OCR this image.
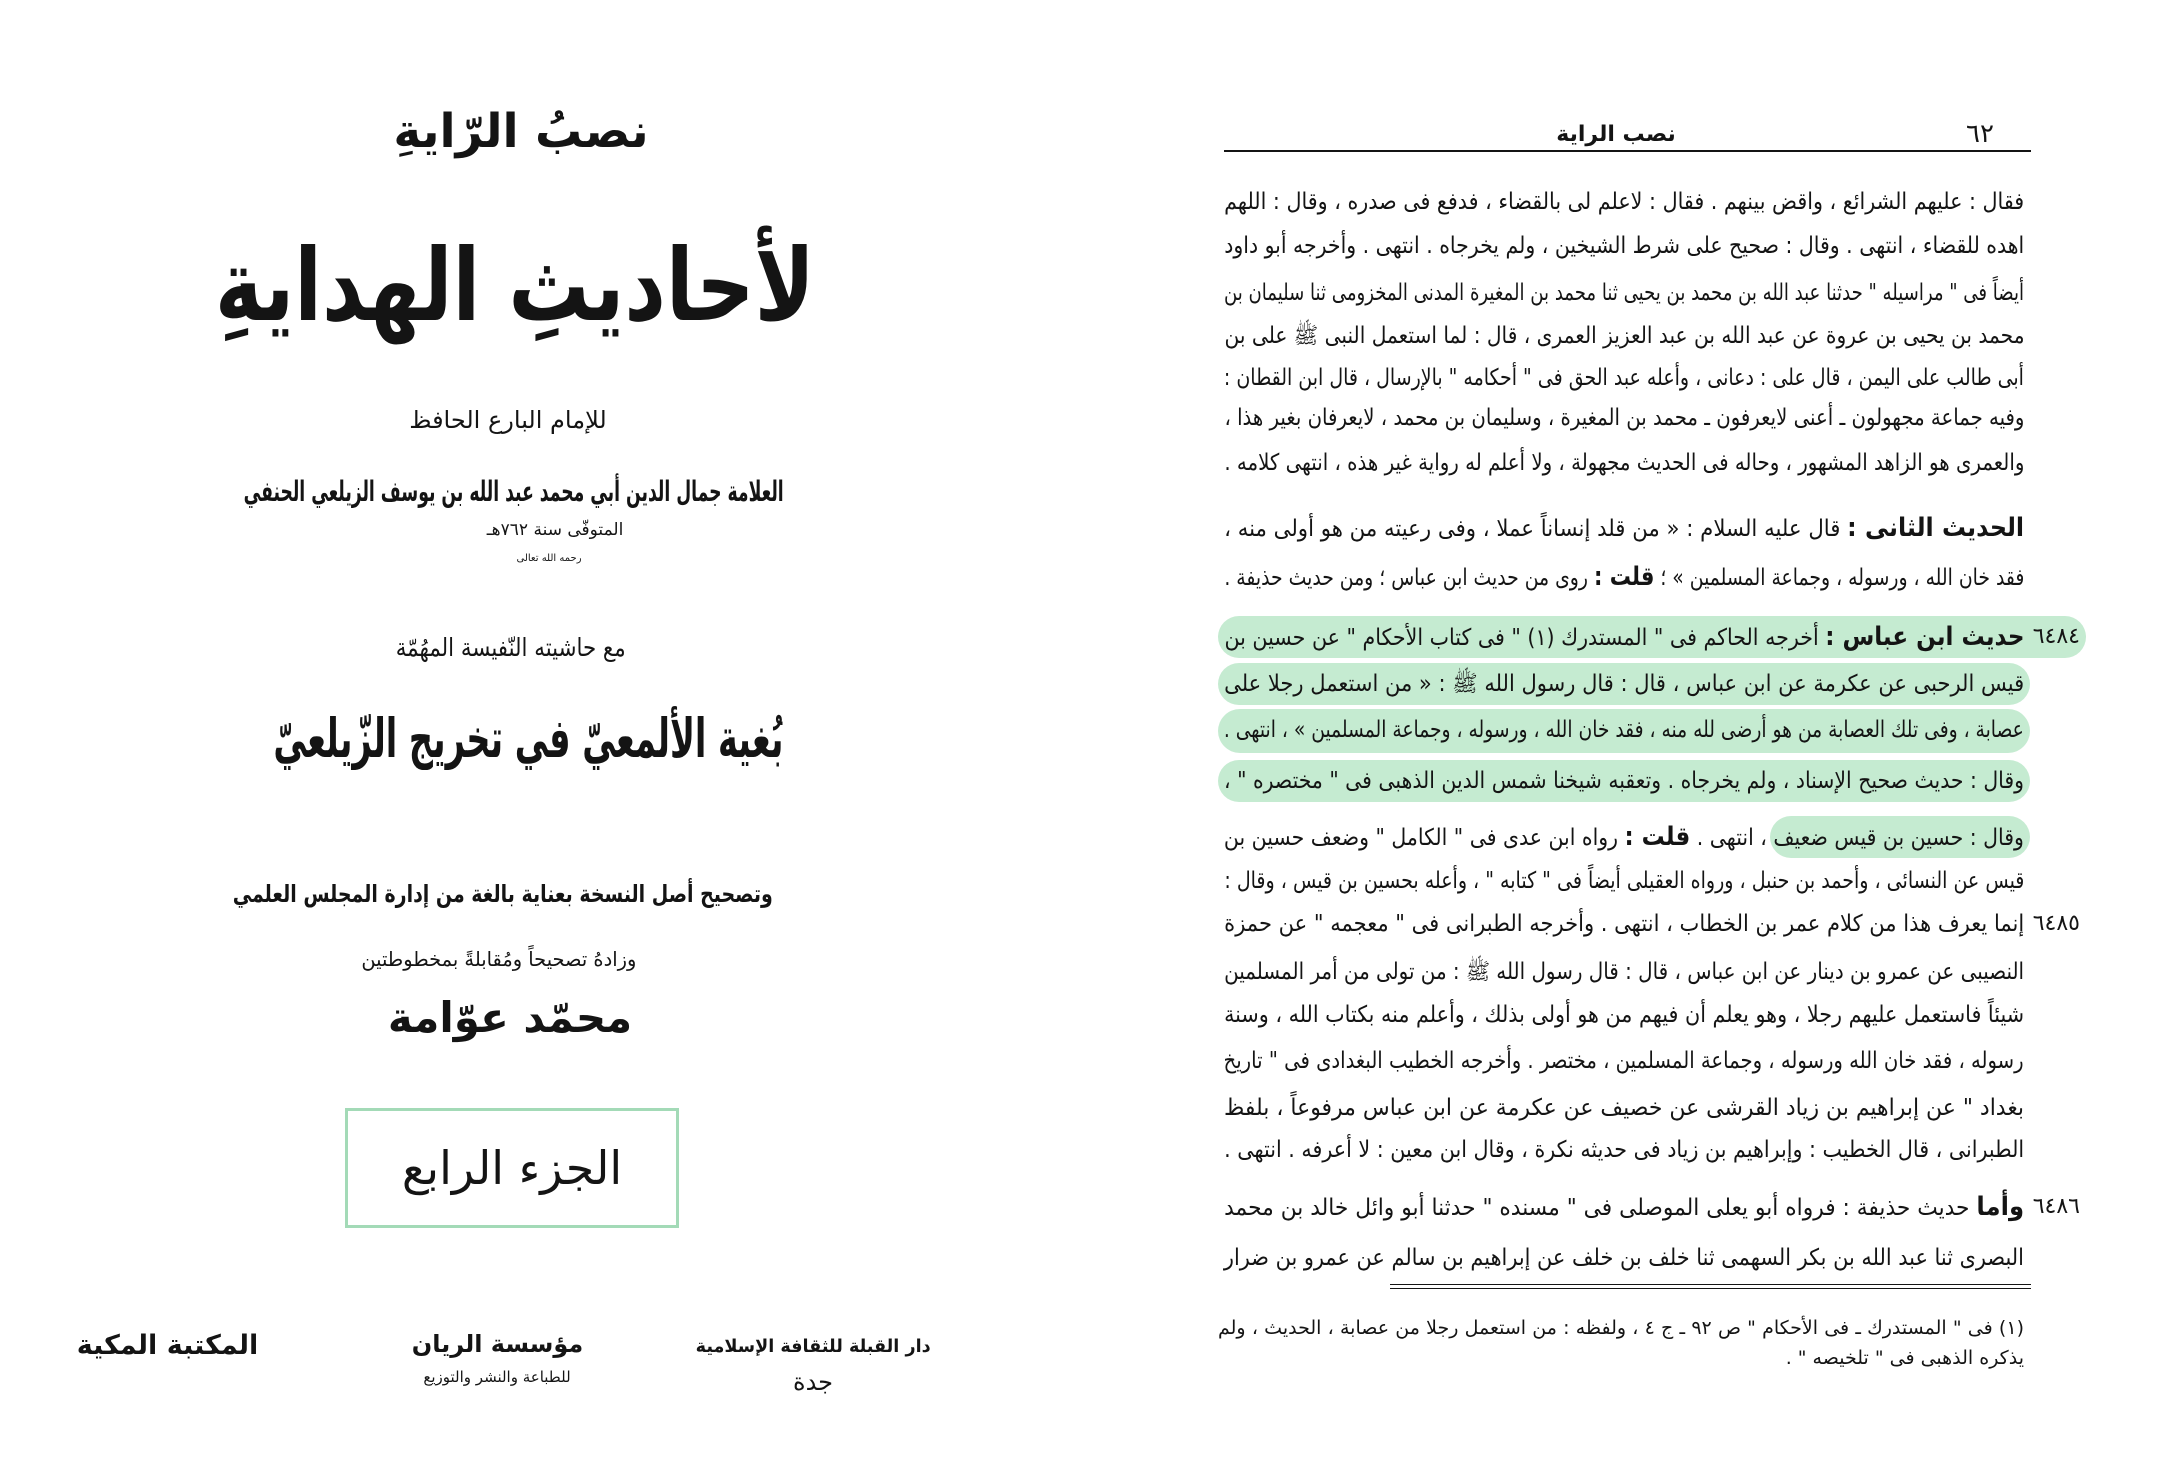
نصبُ الرّايةِ
لأحاديثِ الهدايةِ
للإمام البارع الحافظ
العلامة جمال الدين أبي محمد عبد الله بن يوسف الزيلعي الحنفي
المتوفّى سنة ٧٦٢هـ
رحمه الله تعالى
مع حاشيته النّفيسة المهُمّة
بُغية الألمعيّ في تخريج الزّيلعيّ
وتصحيح أصل النسخة بعناية بالغة من إدارة المجلس العلمي
وزادهُ تصحيحاً ومُقابلةً بمخطوطتين
محمّد عوّامة
الجزء الرابع
دار القبلة للثقافة الإسلامية
جدة
مؤسسة الريان
للطباعة والنشر والتوزيع
المكتبة المكية
٦٢
نصب الراية
فقال : عليهم الشرائع ، واقض بينهم . فقال : لاعلم لى بالقضاء ، فدفع فى صدره ، وقال : اللهم
اهده للقضاء ، انتهى . وقال : صحيح على شرط الشيخين ، ولم يخرجاه . انتهى . وأخرجه أبو داود
أيضاً فى " مراسيله " حدثنا عبد الله بن محمد بن يحيى ثنا محمد بن المغيرة المدنى المخزومى ثنا سليمان بن
محمد بن يحيى بن عروة عن عبد الله بن عبد العزيز العمرى ، قال : لما استعمل النبى ﷺ على بن
أبى طالب على اليمن ، قال على : دعانى ، وأعله عبد الحق فى " أحكامه " بالإرسال ، قال ابن القطان :
وفيه جماعة مجهولون ـ أعنى لايعرفون ـ محمد بن المغيرة ، وسليمان بن محمد ، لايعرفان بغير هذا ،
والعمرى هو الزاهد المشهور ، وحاله فى الحديث مجهولة ، ولا أعلم له رواية غير هذه ، انتهى كلامه .
الحديث الثانى : قال عليه السلام : « من قلد إنساناً عملا ، وفى رعيته من هو أولى منه ،
فقد خان الله ، ورسوله ، وجماعة المسلمين » ؛ قلت : روى من حديث ابن عباس ؛ ومن حديث حذيفة .
حديث ابن عباس : أخرجه الحاكم فى " المستدرك (١) " فى كتاب الأحكام " عن حسين بن	٦٤٨٤
قيس الرحبى عن عكرمة عن ابن عباس ، قال : قال رسول الله ﷺ : « من استعمل رجلا على
عصابة ، وفى تلك العصابة من هو أرضى لله منه ، فقد خان الله ، ورسوله ، وجماعة المسلمين » ، انتهى .
وقال : حديث صحيح الإسناد ، ولم يخرجاه . وتعقبه شيخنا شمس الدين الذهبى فى " مختصره " ،
وقال : حسين بن قيس ضعيف ، انتهى . قلت : رواه ابن عدى فى " الكامل " وضعف حسين بن
قيس عن النسائى ، وأحمد بن حنبل ، ورواه العقيلى أيضاً فى " كتابه " ، وأعله بحسين بن قيس ، وقال :
إنما يعرف هذا من كلام عمر بن الخطاب ، انتهى . وأخرجه الطبرانى فى " معجمه " عن حمزة ٦٤٨٥
النصيبى عن عمرو بن دينار عن ابن عباس ، قال : قال رسول الله ﷺ : من تولى من أمر المسلمين
شيئاً فاستعمل عليهم رجلا ، وهو يعلم أن فيهم من هو أولى بذلك ، وأعلم منه بكتاب الله ، وسنة
رسوله ، فقد خان الله ورسوله ، وجماعة المسلمين ، مختصر . وأخرجه الخطيب البغدادى فى " تاريخ
بغداد " عن إبراهيم بن زياد القرشى عن خصيف عن عكرمة عن ابن عباس مرفوعاً ، بلفظ
الطبرانى ، قال الخطيب : وإبراهيم بن زياد فى حديثه نكرة ، وقال ابن معين : لا أعرفه . انتهى .
وأما حديث حذيفة : فرواه أبو يعلى الموصلى فى " مسنده " حدثنا أبو وائل خالد بن محمد	٦٤٨٦
البصرى ثنا عبد الله بن بكر السهمى ثنا خلف بن خلف عن إبراهيم بن سالم عن عمرو بن ضرار
(١) فى " المستدرك ـ فى الأحكام " ص ٩٢ ـ ج ٤ ، ولفظه : من استعمل رجلا من عصابة ، الحديث ، ولم
يذكره الذهبى فى " تلخيصه " .
